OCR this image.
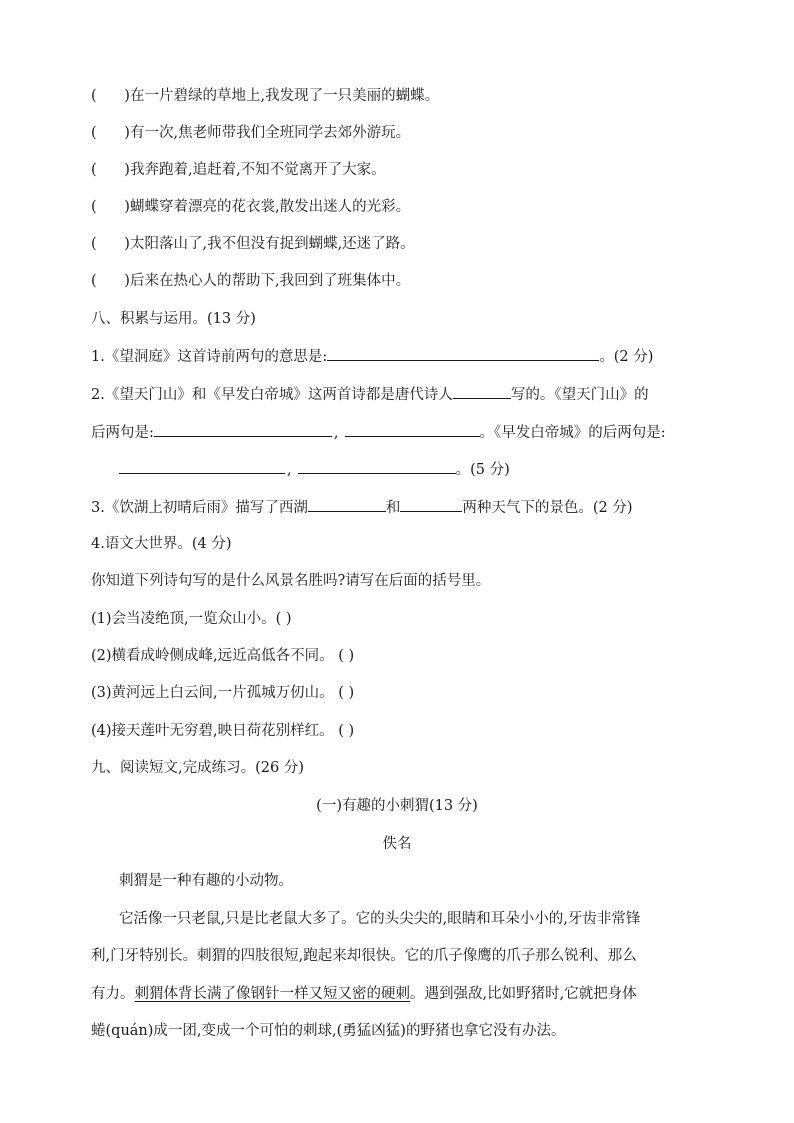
(      )在一片碧绿的草地上,我发现了一只美丽的蝴蝶。
(      )有一次,焦老师带我们全班同学去郊外游玩。
(      )我奔跑着,追赶着,不知不觉离开了大家。
(      )蝴蝶穿着漂亮的花衣裳,散发出迷人的光彩。
(      )太阳落山了,我不但没有捉到蝴蝶,还迷了路。
(      )后来在热心人的帮助下,我回到了班集体中。
八、积累与运用。(13 分)
1.《望洞庭》这首诗前两句的意思是:	。(2 分)
2.《望天门山》和《早发白帝城》这两首诗都是唐代诗人	写的。《望天门山》的
后两句是:	,	。《早发白帝城》的后两句是:
,	。(5 分)
3.《饮湖上初晴后雨》描写了西湖	和	两种天气下的景色。(2 分)
4.语文大世界。(4 分)
你知道下列诗句写的是什么风景名胜吗?请写在后面的括号里。
(1)会当凌绝顶,一览众山小。( )
(2)横看成岭侧成峰,远近高低各不同。 ( )
(3)黄河远上白云间,一片孤城万仞山。 ( )
(4)接天莲叶无穷碧,映日荷花别样红。 ( )
九、阅读短文,完成练习。(26 分)
(一)有趣的小刺猬(13 分)
佚名
刺猬是一种有趣的小动物。
它活像一只老鼠,只是比老鼠大多了。它的头尖尖的,眼睛和耳朵小小的,牙齿非常锋
利,门牙特别长。刺猬的四肢很短,跑起来却很快。它的爪子像鹰的爪子那么锐利、那么
有力。刺猬体背长满了像钢针一样又短又密的硬刺。遇到强敌,比如野猪时,它就把身体
蜷(quán)成一团,变成一个可怕的刺球,(勇猛凶猛)的野猪也拿它没有办法。
